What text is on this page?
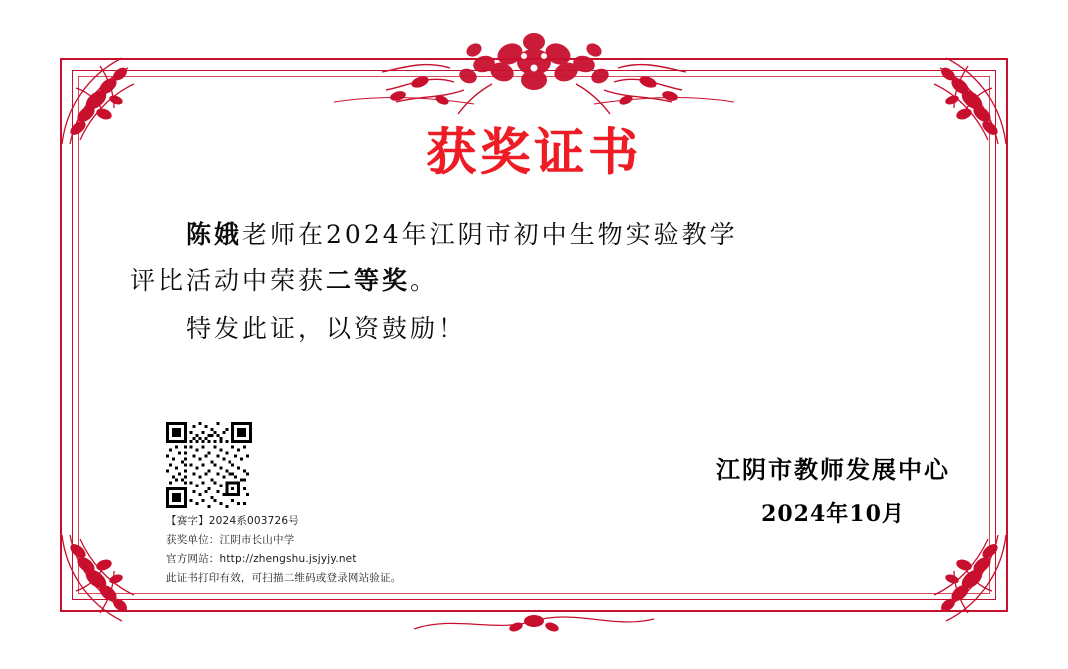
获奖证书
陈娥老师在2024年江阴市初中生物实验教学
评比活动中荣获二等奖。
特发此证，以资鼓励！
【赛字】2024系003726号
获奖单位：江阴市长山中学
官方网站：http://zhengshu.jsjyjy.net
此证书打印有效，可扫描二维码或登录网站验证。
江阴市教师发展中心
2024年10月
